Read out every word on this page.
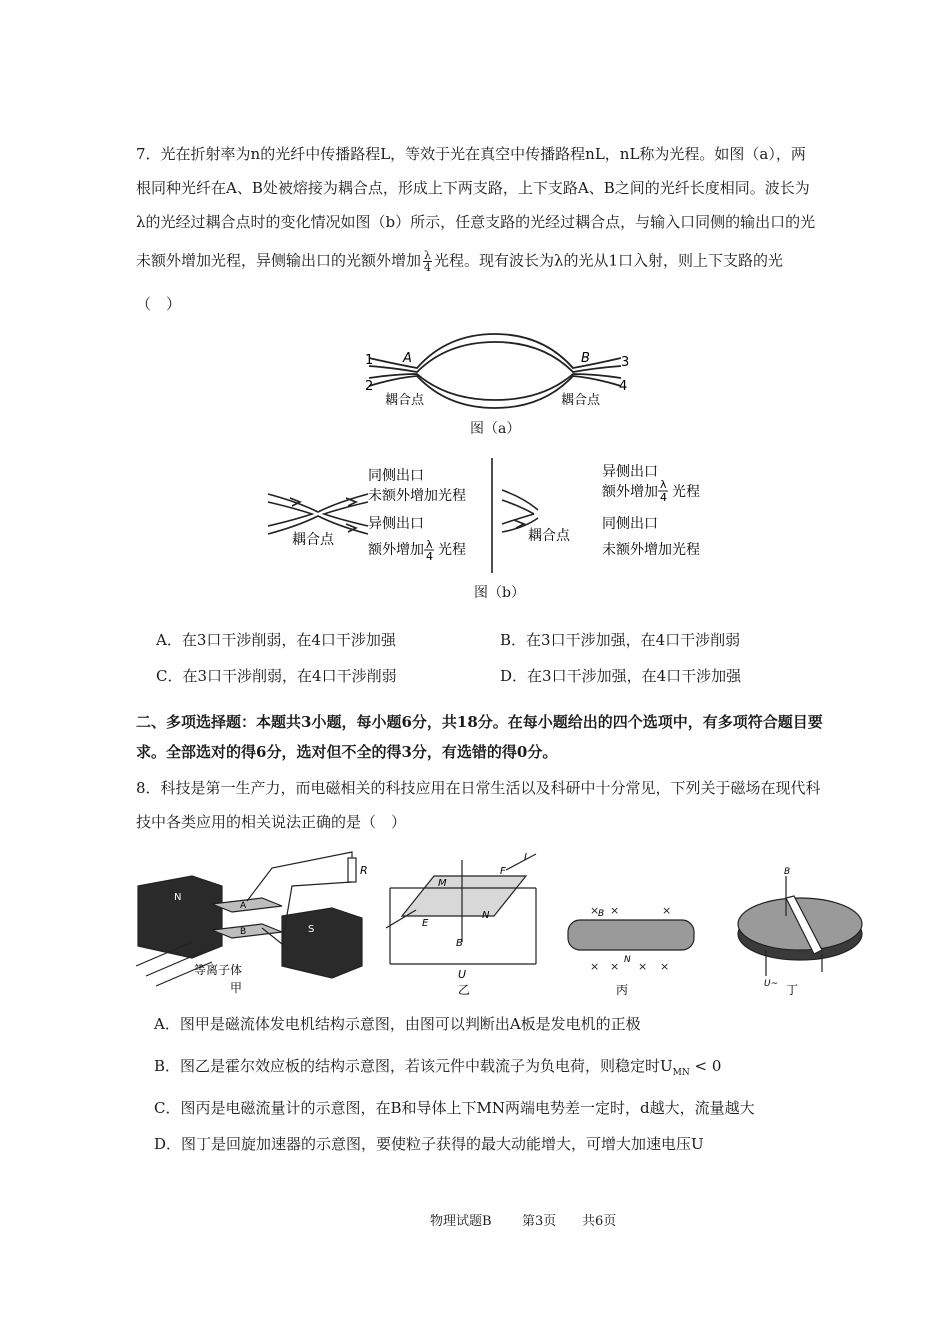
7．光在折射率为n的光纤中传播路程L，等效于光在真空中传播路程nL，nL称为光程。如图（a），两
根同种光纤在A、B处被熔接为耦合点，形成上下两支路，上下支路A、B之间的光纤长度相同。波长为
λ的光经过耦合点时的变化情况如图（b）所示，任意支路的光经过耦合点，与输入口同侧的输出口的光
未额外增加光程，异侧输出口的光额外增加 $\frac{\lambda}{4}$ 光程。现有波长为λ的光从1口入射，则上下支路的光
（　）
1
2
3
4
A	B
耦合点	耦合点
图（a）
同侧出口
未额外增加光程
异侧出口
额外增加 λ
4 光程
耦合点
异侧出口
额外增加 λ
4 光程
同侧出口
未额外增加光程
耦合点
图（b）
A．在3口干涉削弱，在4口干涉加强	B．在3口干涉加强，在4口干涉削弱
C．在3口干涉削弱，在4口干涉削弱	D．在3口干涉加强，在4口干涉加强
二、多项选择题：本题共3小题，每小题6分，共18分。在每小题给出的四个选项中，有多项符合题目要
求。全部选对的得6分，选对但不全的得3分，有选错的得0分。
8．科技是第一生产力，而电磁相关的科技应用在日常生活以及科研中十分常见，下列关于磁场在现代科
技中各类应用的相关说法正确的是（　）
N
S
A
B
R
等离子体
甲
M
N
E
F
I
B
U
乙
× ×	×
× × × ×
B
N
丙
B
U~ 丁
A．图甲是磁流体发电机结构示意图，由图可以判断出A板是发电机的正极
B．图乙是霍尔效应板的结构示意图，若该元件中载流子为负电荷，则稳定时$U_{MN} < 0$
C．图丙是电磁流量计的示意图，在B和导体上下MN两端电势差一定时，d越大，流量越大
D．图丁是回旋加速器的示意图，要使粒子获得的最大动能增大，可增大加速电压U
物理试题B 第3页 共6页
